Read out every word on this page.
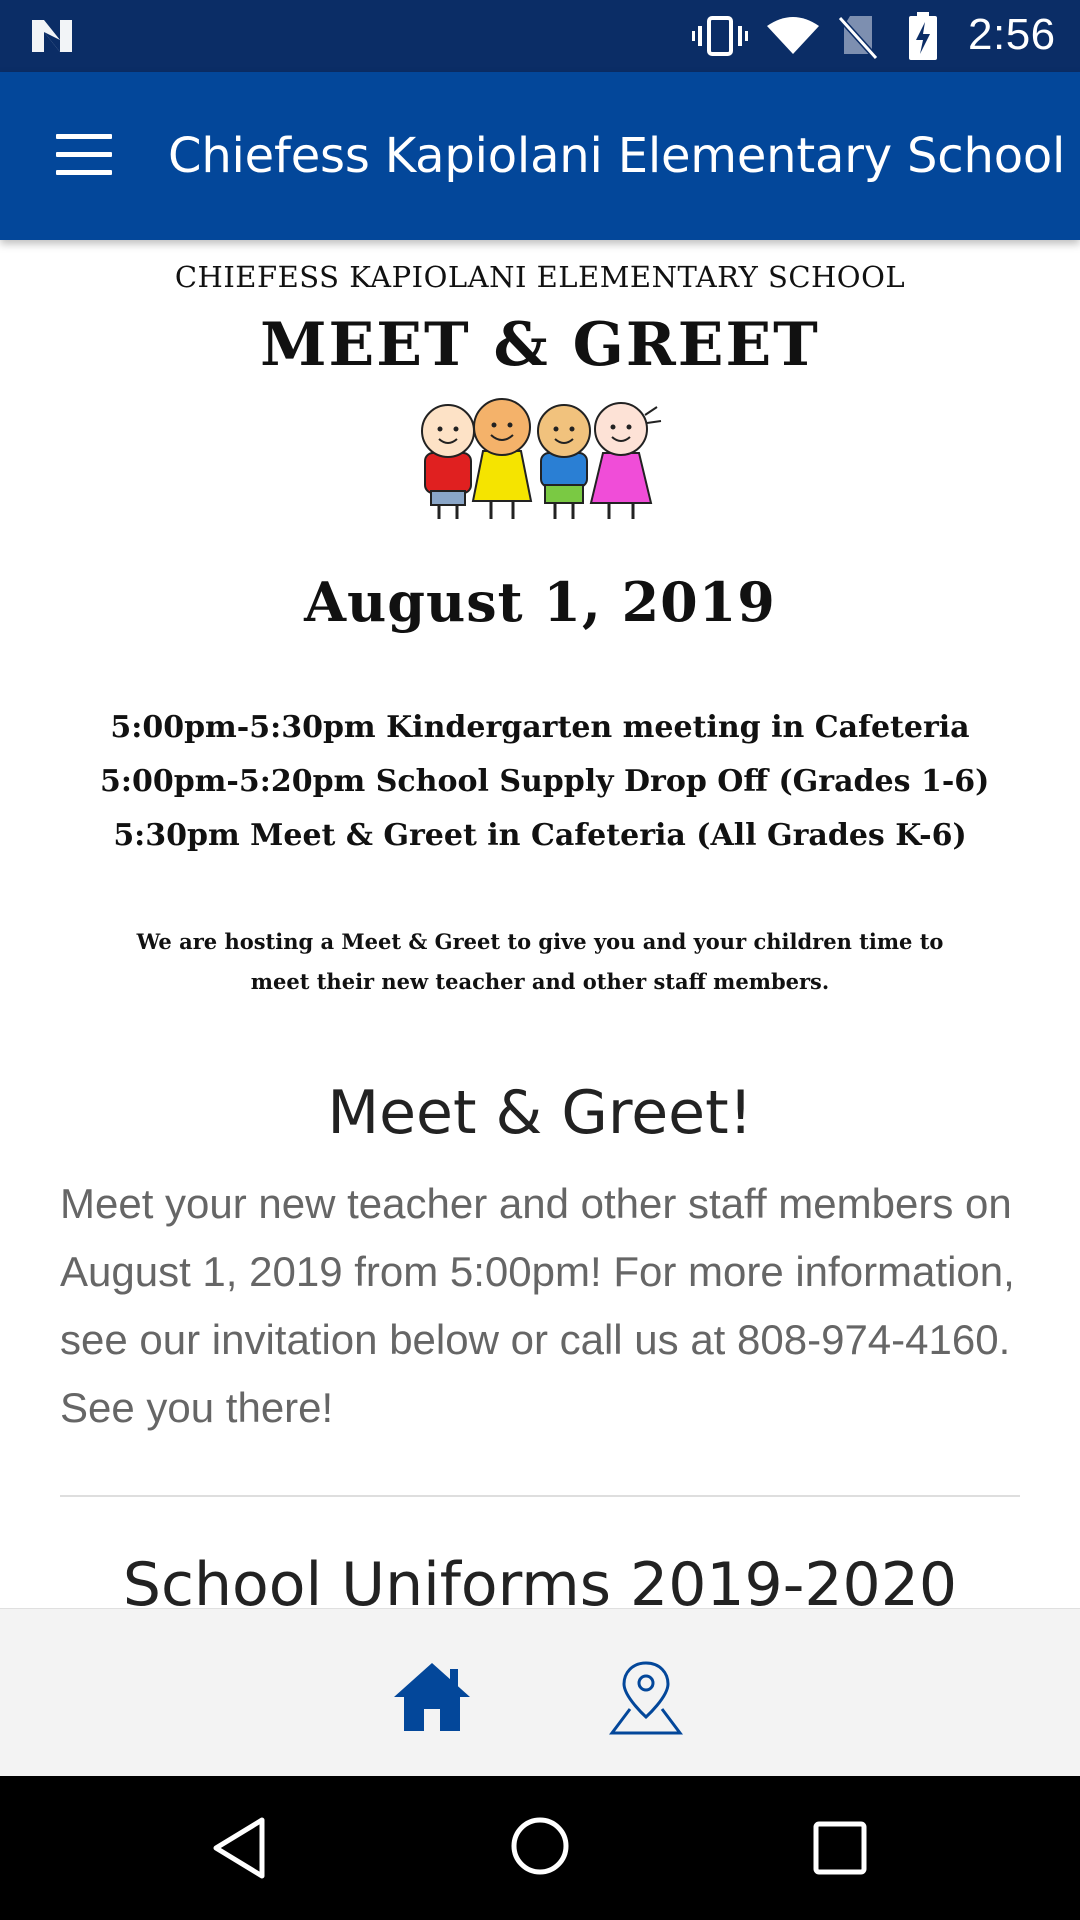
2:56
Chiefess Kapiolani Elementary School
CHIEFESS KAPIOLANI ELEMENTARY SCHOOL
MEET & GREET
August 1, 2019
5:00pm-5:30pm Kindergarten meeting in Cafeteria
5:00pm-5:20pm School Supply Drop Off (Grades 1-6)
5:30pm Meet & Greet in Cafeteria (All Grades K-6)
We are hosting a Meet & Greet to give you and your children time to meet their new teacher and other staff members.
Meet & Greet!
Meet your new teacher and other staff members on August 1, 2019 from 5:00pm! For more information, see our invitation below or call us at 808-974-4160. See you there!
School Uniforms 2019-2020
